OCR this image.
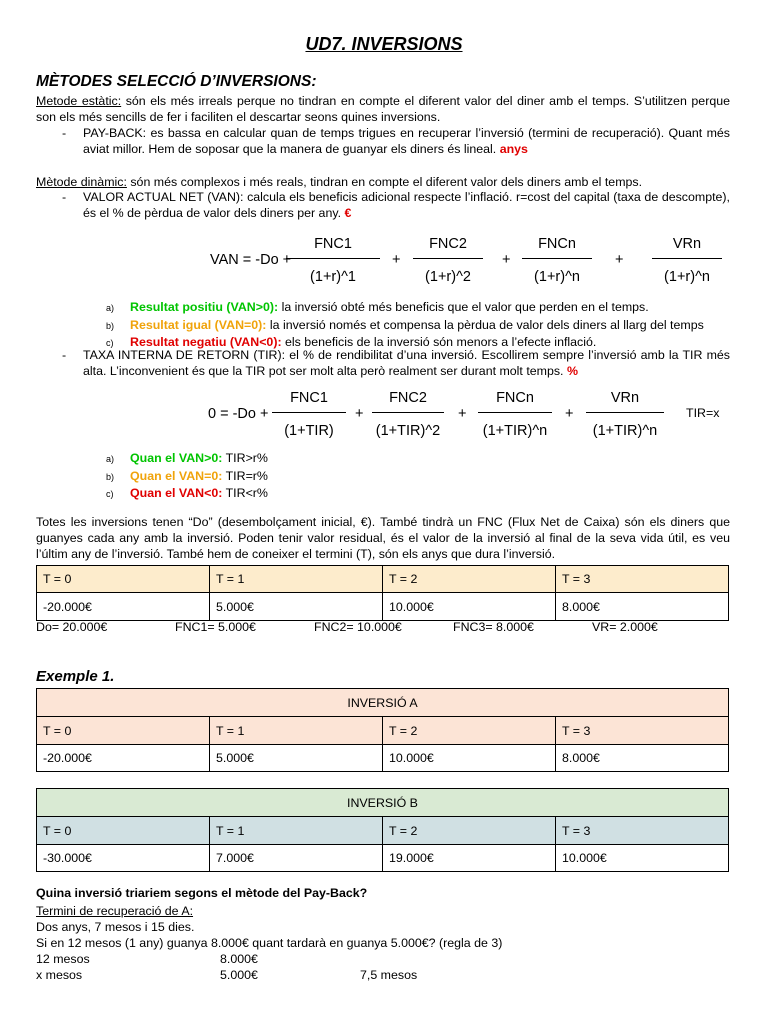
UD7. INVERSIONS
MÈTODES SELECCIÓ D’INVERSIONS:
Metode estàtic: són els més irreals perque no tindran en compte el diferent valor del diner amb el temps. S’utilitzen perque son els més sencills de fer i faciliten el descartar seons quines inversions.
- PAY-BACK: es bassa en calcular quan de temps trigues en recuperar l’inversió (termini de recuperació). Quant més aviat millor. Hem de soposar que la manera de guanyar els diners és lineal. anys
Mètode dinàmic: són més complexos i més reals, tindran en compte el diferent valor dels diners amb el temps.
- VALOR ACTUAL NET (VAN): calcula els beneficis adicional respecte l’inflació. r=cost del capital (taxa de descompte), és el % de pèrdua de valor dels diners per any. €
VAN = -Do +
FNC1
(1+r)^1
+
FNC2
(1+r)^2
+
FNCn
(1+r)^n
+
VRn
(1+r)^n
a) Resultat positiu (VAN>0): la inversió obté més beneficis que el valor que perden en el temps.
b) Resultat igual (VAN=0): la inversió només et compensa la pèrdua de valor dels diners al llarg del temps
c) Resultat negatiu (VAN<0): els beneficis de la inversió són menors a l’efecte inflació.
- TAXA INTERNA DE RETORN (TIR): el % de rendibilitat d’una inversió. Escollirem sempre l’inversió amb la TIR més alta. L’inconvenient és que la TIR pot ser molt alta però realment ser durant molt temps. %
0 = -Do +
FNC1
(1+TIR)
+
FNC2
(1+TIR)^2
+
FNCn
(1+TIR)^n
+
VRn
(1+TIR)^n
TIR=x
a) Quan el VAN>0: TIR>r%
b) Quan el VAN=0: TIR=r%
c) Quan el VAN<0: TIR<r%
Totes les inversions tenen “Do” (desembolçament inicial, €). També tindrà un FNC (Flux Net de Caixa) són els diners que guanyes cada any amb la inversió. Poden tenir valor residual, és el valor de la inversió al final de la seva vida útil, es veu l’últim any de l’inversió. També hem de coneixer el termini (T), són els anys que dura l’inversió.
T = 0	T = 1	T = 2	T = 3
-20.000€	5.000€	10.000€	8.000€
Do= 20.000€	FNC1= 5.000€	FNC2= 10.000€	FNC3= 8.000€	VR= 2.000€
Exemple 1.
INVERSIÓ A			
T = 0	T = 1	T = 2	T = 3
-20.000€	5.000€	10.000€	8.000€
INVERSIÓ B			
T = 0	T = 1	T = 2	T = 3
-30.000€	7.000€	19.000€	10.000€
Quina inversió triariem segons el mètode del Pay-Back?
Termini de recuperació de A:
Dos anys, 7 mesos i 15 dies.
Si en 12 mesos (1 any) guanya 8.000€ quant tardarà en guanya 5.000€? (regla de 3)
12 mesos	8.000€
x mesos	5.000€	7,5 mesos
